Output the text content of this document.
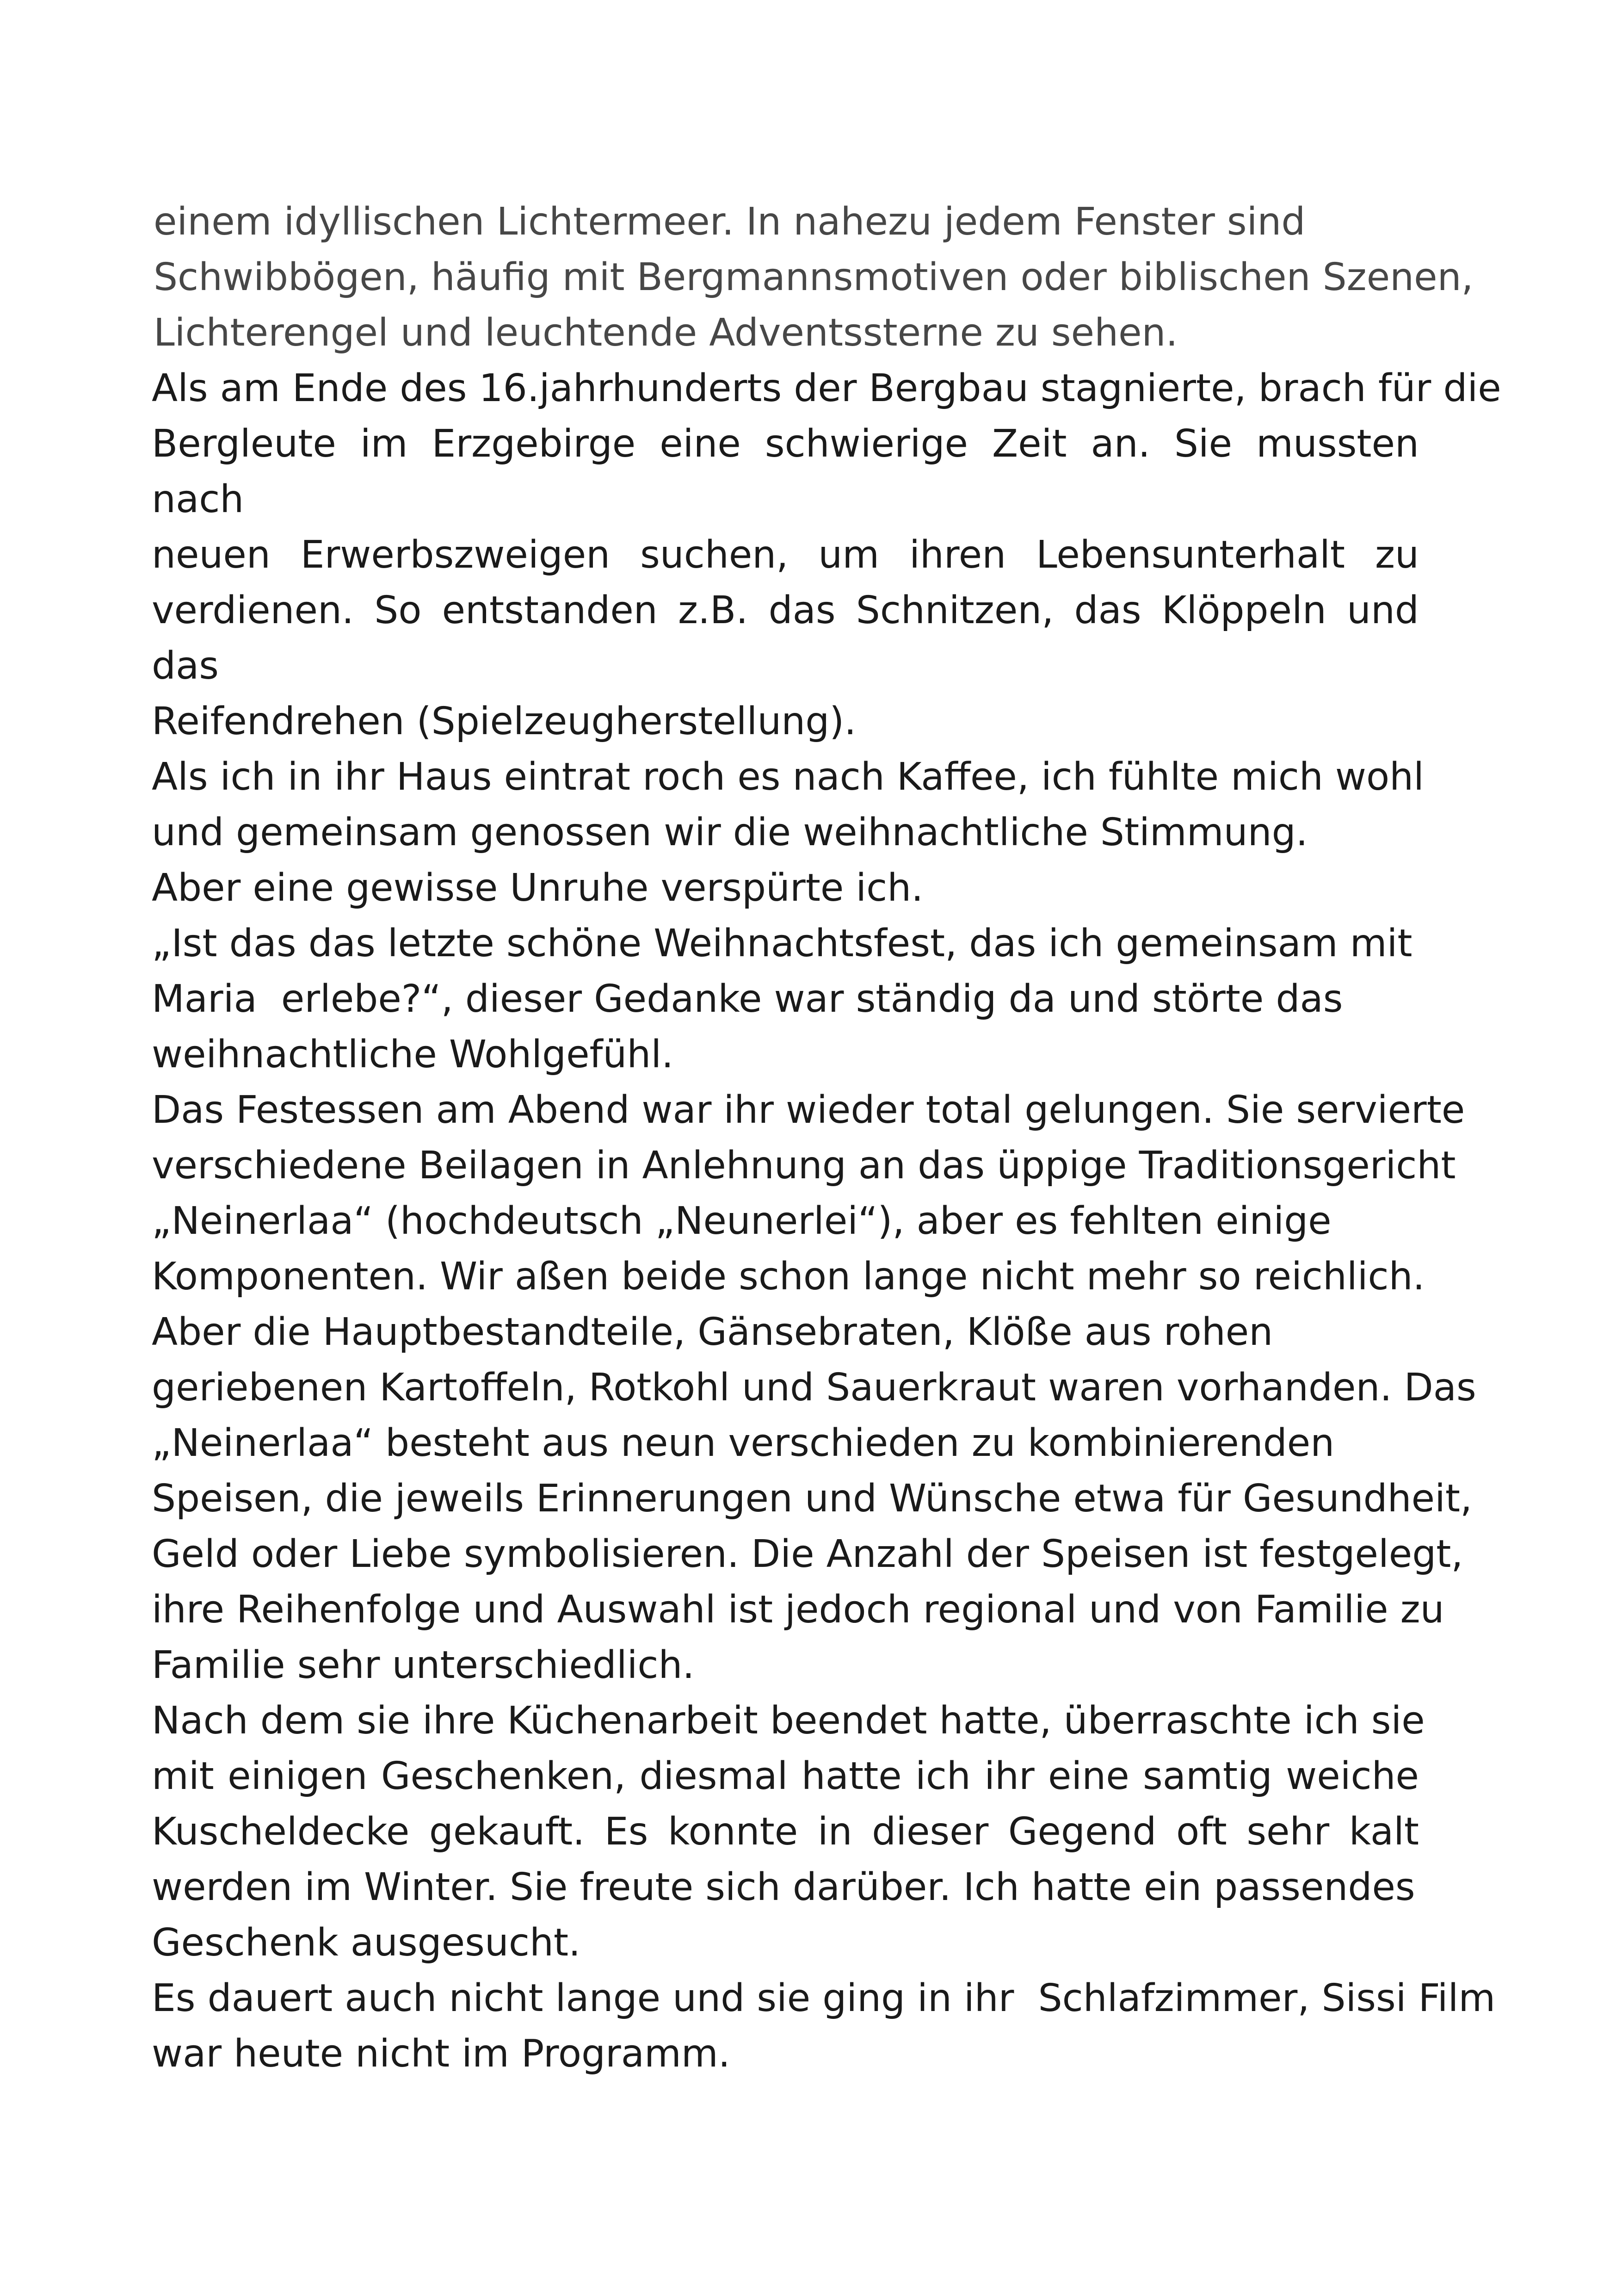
einem idyllischen Lichtermeer. In nahezu jedem Fenster sind
Schwibbögen, häufig mit Bergmannsmotiven oder biblischen Szenen,
Lichterengel und leuchtende Adventssterne zu sehen.

Als am Ende des 16.jahrhunderts der Bergbau stagnierte, brach für die
Bergleute im Erzgebirge eine schwierige Zeit an. Sie mussten nach
neuen Erwerbszweigen suchen, um ihren Lebensunterhalt zu
verdienen. So entstanden z.B. das Schnitzen, das Klöppeln und das
Reifendrehen (Spielzeugherstellung).

Als ich in ihr Haus eintrat roch es nach Kaffee, ich fühlte mich wohl
und gemeinsam genossen wir die weihnachtliche Stimmung.

Aber eine gewisse Unruhe verspürte ich.

„Ist das das letzte schöne Weihnachtsfest, das ich gemeinsam mit
Maria  erlebe?“, dieser Gedanke war ständig da und störte das
weihnachtliche Wohlgefühl.

Das Festessen am Abend war ihr wieder total gelungen. Sie servierte
verschiedene Beilagen in Anlehnung an das üppige Traditionsgericht
„Neinerlaa“ (hochdeutsch „Neunerlei“), aber es fehlten einige
Komponenten. Wir aßen beide schon lange nicht mehr so reichlich.
Aber die Hauptbestandteile, Gänsebraten, Klöße aus rohen
geriebenen Kartoffeln, Rotkohl und Sauerkraut waren vorhanden. Das
„Neinerlaa“ besteht aus neun verschieden zu kombinierenden
Speisen, die jeweils Erinnerungen und Wünsche etwa für Gesundheit,
Geld oder Liebe symbolisieren. Die Anzahl der Speisen ist festgelegt,
ihre Reihenfolge und Auswahl ist jedoch regional und von Familie zu
Familie sehr unterschiedlich.

Nach dem sie ihre Küchenarbeit beendet hatte, überraschte ich sie
mit einigen Geschenken, diesmal hatte ich ihr eine samtig weiche
Kuscheldecke gekauft. Es konnte in dieser Gegend oft sehr kalt
werden im Winter. Sie freute sich darüber. Ich hatte ein passendes
Geschenk ausgesucht.

Es dauert auch nicht lange und sie ging in ihr  Schlafzimmer, Sissi Film
war heute nicht im Programm.
